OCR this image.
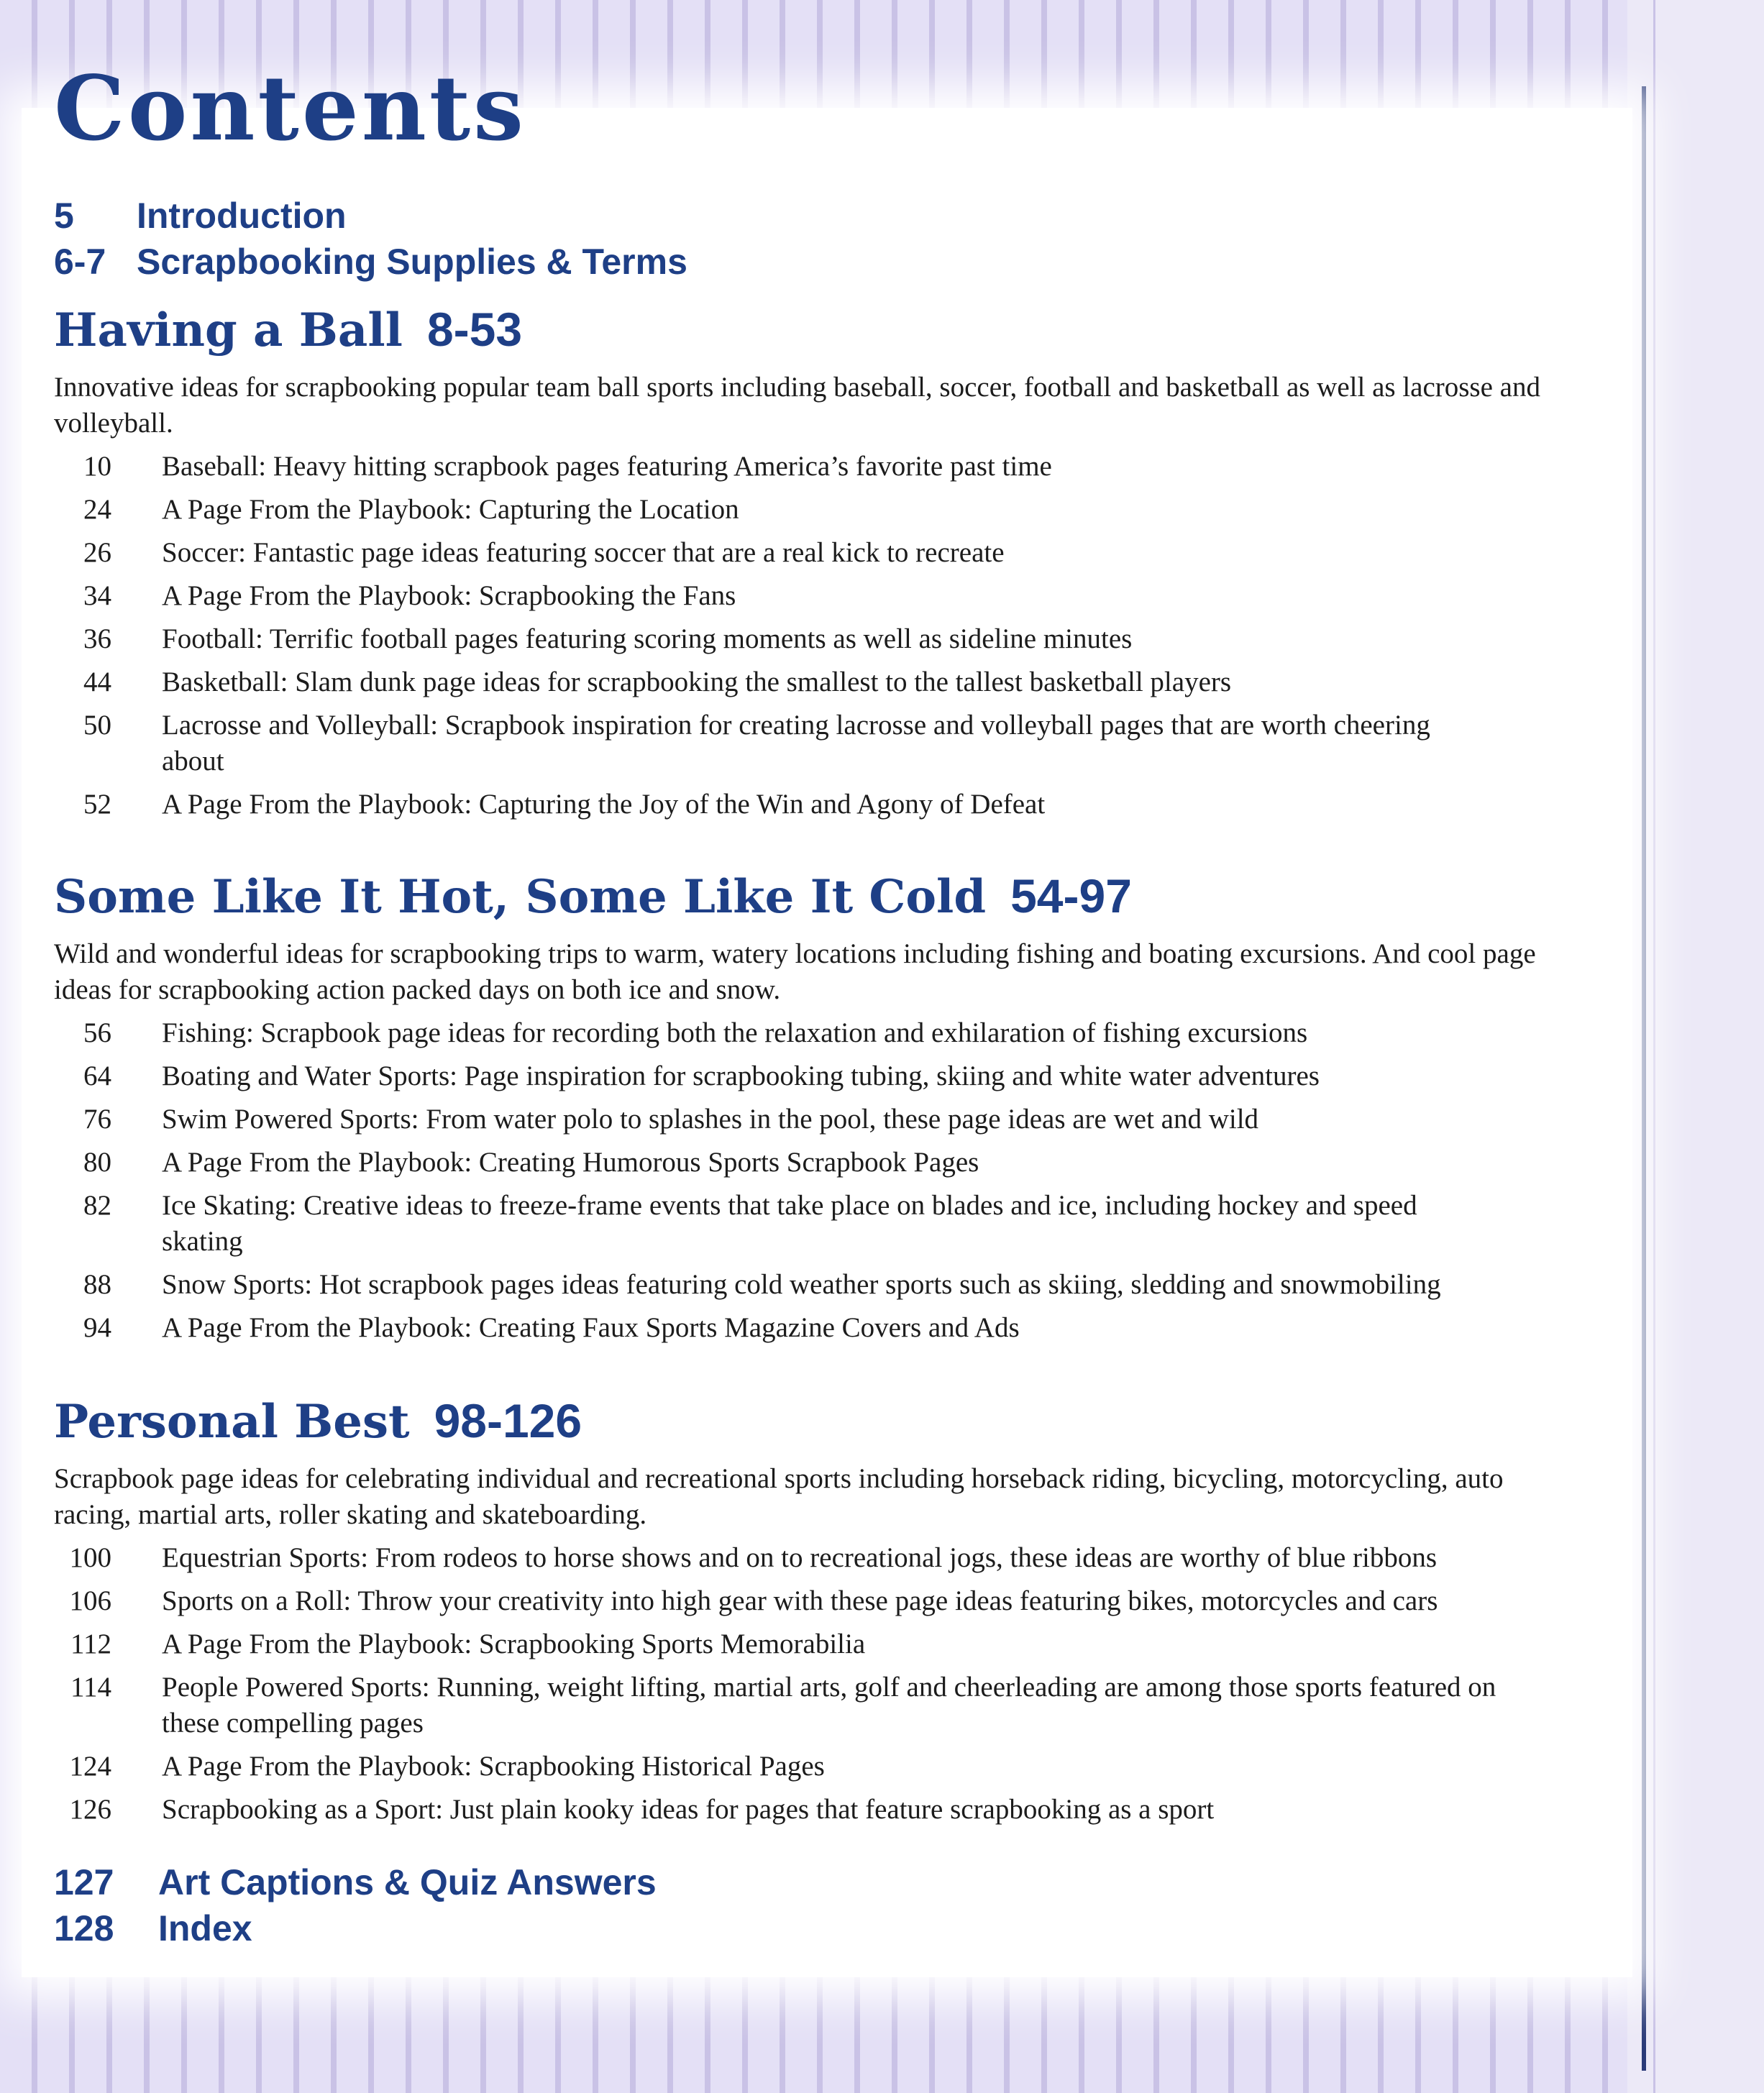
Contents
5	Introduction
6-7 Scrapbooking Supplies & Terms
Having a Ball 8-53
Innovative ideas for scrapbooking popular team ball sports including baseball, soccer, football and basketball as well as lacrosse and volleyball.
10	Baseball: Heavy hitting scrapbook pages featuring America’s favorite past time
24	A Page From the Playbook: Capturing the Location
26	Soccer: Fantastic page ideas featuring soccer that are a real kick to recreate
34	A Page From the Playbook: Scrapbooking the Fans
36	Football: Terrific football pages featuring scoring moments as well as sideline minutes
44	Basketball: Slam dunk page ideas for scrapbooking the smallest to the tallest basketball players
50	Lacrosse and Volleyball: Scrapbook inspiration for creating lacrosse and volleyball pages that are worth cheering about
52	A Page From the Playbook: Capturing the Joy of the Win and Agony of Defeat
Some Like It Hot, Some Like It Cold 54-97
Wild and wonderful ideas for scrapbooking trips to warm, watery locations including fishing and boating excursions. And cool page ideas for scrapbooking action packed days on both ice and snow.
56	Fishing: Scrapbook page ideas for recording both the relaxation and exhilaration of fishing excursions
64	Boating and Water Sports: Page inspiration for scrapbooking tubing, skiing and white water adventures
76	Swim Powered Sports: From water polo to splashes in the pool, these page ideas are wet and wild
80	A Page From the Playbook: Creating Humorous Sports Scrapbook Pages
82	Ice Skating: Creative ideas to freeze-frame events that take place on blades and ice, including hockey and speed skating
88	Snow Sports: Hot scrapbook pages ideas featuring cold weather sports such as skiing, sledding and snowmobiling
94	A Page From the Playbook: Creating Faux Sports Magazine Covers and Ads
Personal Best 98-126
Scrapbook page ideas for celebrating individual and recreational sports including horseback riding, bicycling, motorcycling, auto racing, martial arts, roller skating and skateboarding.
100	Equestrian Sports: From rodeos to horse shows and on to recreational jogs, these ideas are worthy of blue ribbons
106	Sports on a Roll: Throw your creativity into high gear with these page ideas featuring bikes, motorcycles and cars
112	A Page From the Playbook: Scrapbooking Sports Memorabilia
114	People Powered Sports: Running, weight lifting, martial arts, golf and cheerleading are among those sports featured on these compelling pages
124	A Page From the Playbook: Scrapbooking Historical Pages
126	Scrapbooking as a Sport: Just plain kooky ideas for pages that feature scrapbooking as a sport
127	Art Captions & Quiz Answers
128	Index
